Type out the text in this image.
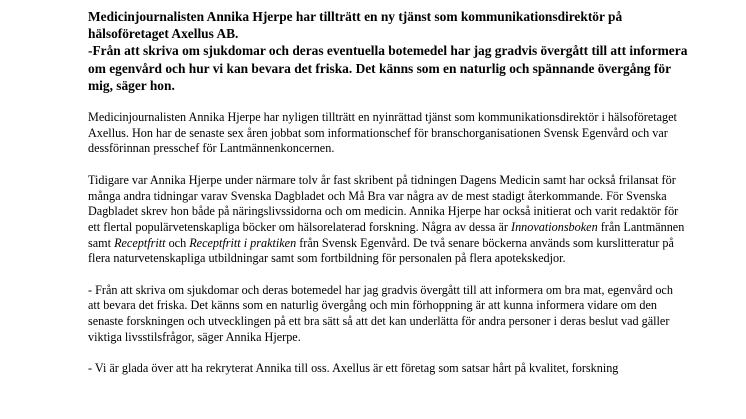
Medicinjournalisten Annika Hjerpe har tillträtt en ny tjänst som kommunikationsdirektör på hälsoföretaget Axellus AB.
-Från att skriva om sjukdomar och deras eventuella botemedel har jag gradvis övergått till att informera om egenvård och hur vi kan bevara det friska. Det känns som en naturlig och spännande övergång för mig, säger hon.

Medicinjournalisten Annika Hjerpe har nyligen tillträtt en nyinrättad tjänst som kommunikationsdirektör i hälsoföretaget Axellus. Hon har de senaste sex åren jobbat som informationschef för branschorganisationen Svensk Egenvård och var dessförinnan presschef för Lantmännenkoncernen.

Tidigare var Annika Hjerpe under närmare tolv år fast skribent på tidningen Dagens Medicin samt har också frilansat för många andra tidningar varav Svenska Dagbladet och Må Bra var några av de mest stadigt återkommande. För Svenska Dagbladet skrev hon både på näringslivssidorna och om medicin. Annika Hjerpe har också initierat och varit redaktör för ett flertal populärvetenskapliga böcker om hälsorelaterad forskning. Några av dessa är Innovationsboken från Lantmännen samt Receptfritt och Receptfritt i praktiken från Svensk Egenvård. De två senare böckerna används som kurslitteratur på flera naturvetenskapliga utbildningar samt som fortbildning för personalen på flera apotekskedjor.

- Från att skriva om sjukdomar och deras botemedel har jag gradvis övergått till att informera om bra mat, egenvård och att bevara det friska. Det känns som en naturlig övergång och min förhoppning är att kunna informera vidare om den senaste forskningen och utvecklingen på ett bra sätt så att det kan underlätta för andra personer i deras beslut vad gäller viktiga livsstilsfrågor, säger Annika Hjerpe.

- Vi är glada över att ha rekryterat Annika till oss. Axellus är ett företag som satsar hårt på kvalitet, forskning
